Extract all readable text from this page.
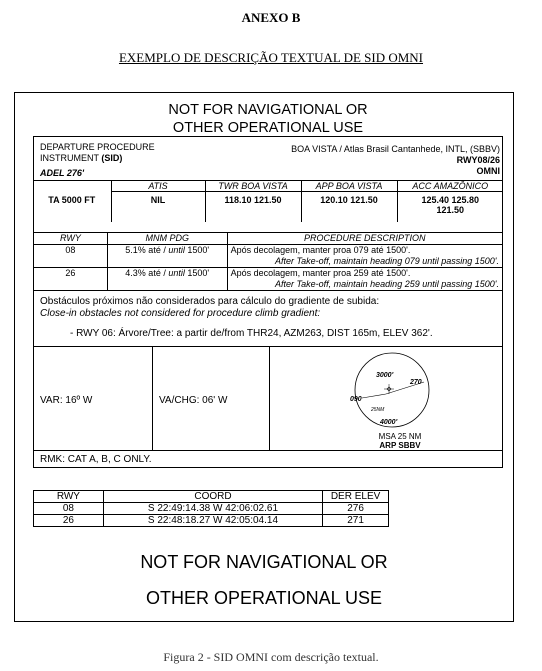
ANEXO B
EXEMPLO DE DESCRIÇÃO TEXTUAL DE SID OMNI
NOT FOR NAVIGATIONAL OR
OTHER OPERATIONAL USE
DEPARTURE PROCEDURE
INSTRUMENT (SID)
ADEL 276'
BOA VISTA / Atlas Brasil Cantanhede, INTL, (SBBV)
RWY08/26
OMNI
	ATIS	TWR BOA VISTA	APP BOA VISTA	ACC AMAZÔNICO
TA 5000 FT	NIL	118.10 121.50	120.10 121.50	125.40 125.80
121.50
RWY	MNM PDG	PROCEDURE DESCRIPTION
08	5.1% até / until 1500'	Após decolagem, manter proa 079 até 1500'.
After Take-off, maintain heading 079 until passing 1500'.

26	4.3% até / until 1500'	Após decolagem, manter proa 259 até 1500'.
After Take-off, maintain heading 259 until passing 1500'.
Obstáculos próximos não considerados para cálculo do gradiente de subida:
Close-in obstacles not considered for procedure climb gradient:
- RWY 06: Árvore/Tree: a partir de/from THR24, AZM263, DIST 165m, ELEV 362'.
VAR: 16º W	VA/CHG: 06' W
3000'
270
090
25NM
4000'
MSA 25 NM
ARP SBBV
RMK: CAT A, B, C ONLY.
RWY	COORD	DER ELEV
08	S 22:49:14.38 W 42:06:02.61	276
26	S 22:48:18.27 W 42:05:04.14	271
NOT FOR NAVIGATIONAL OR
OTHER OPERATIONAL USE
Figura 2 - SID OMNI com descrição textual.
